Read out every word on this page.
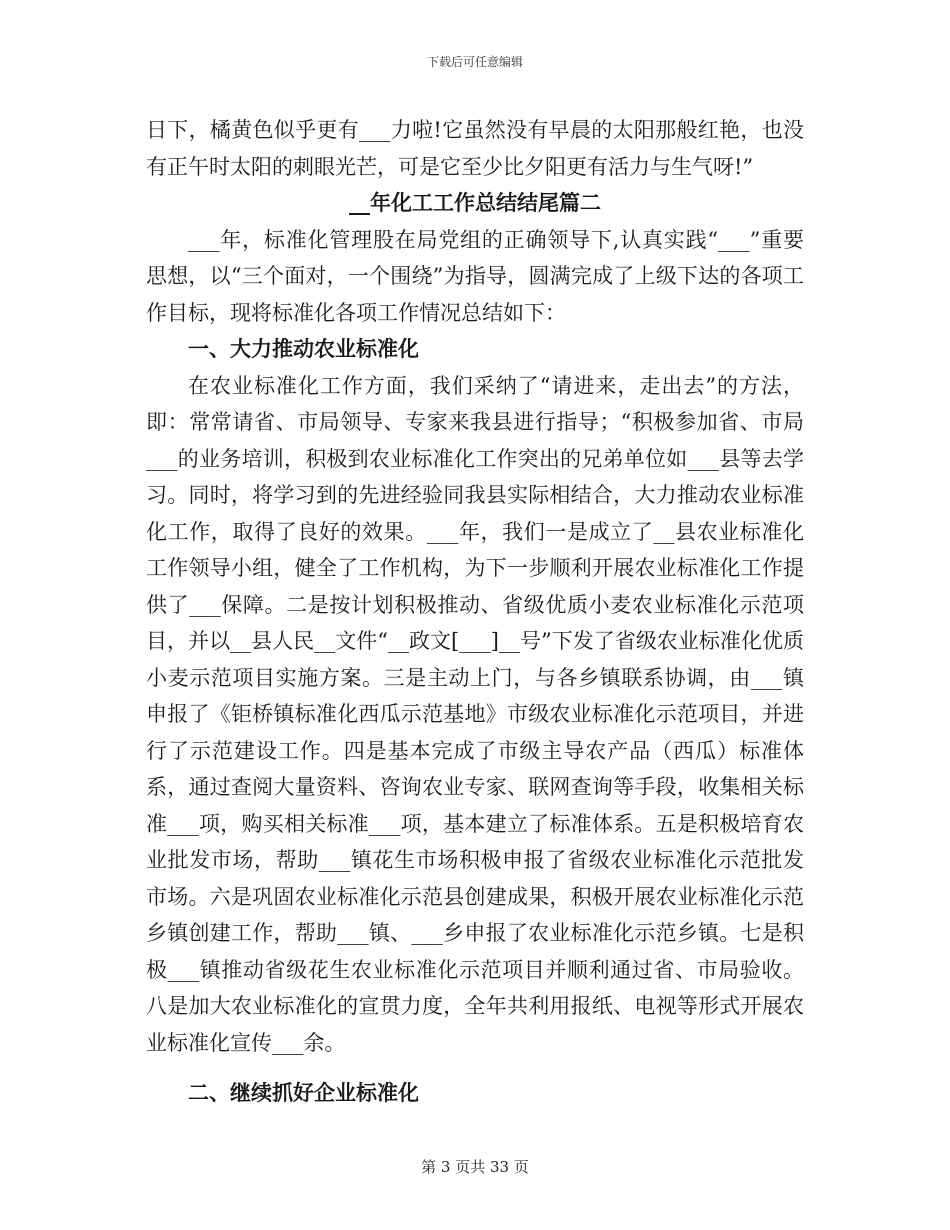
下载后可任意编辑

日下，橘黄色似乎更有___力啦!它虽然没有早晨的太阳那般红艳，也没有正午时太阳的刺眼光芒，可是它至少比夕阳更有活力与生气呀!”

__年化工工作总结结尾篇二

___年，标准化管理股在局党组的正确领导下,认真实践“___”重要思想，以“三个面对，一个围绕”为指导，圆满完成了上级下达的各项工作目标，现将标准化各项工作情况总结如下：

一、大力推动农业标准化

在农业标准化工作方面，我们采纳了“请进来，走出去”的方法，即：常常请省、市局领导、专家来我县进行指导；“积极参加省、市局___的业务培训，积极到农业标准化工作突出的兄弟单位如___县等去学习。同时，将学习到的先进经验同我县实际相结合，大力推动农业标准化工作，取得了良好的效果。___年，我们一是成立了__县农业标准化工作领导小组，健全了工作机构，为下一步顺利开展农业标准化工作提供了___保障。二是按计划积极推动、省级优质小麦农业标准化示范项目，并以__县人民__文件“__政文[___]__号”下发了省级农业标准化优质小麦示范项目实施方案。三是主动上门，与各乡镇联系协调，由___镇申报了《钜桥镇标准化西瓜示范基地》市级农业标准化示范项目，并进行了示范建设工作。四是基本完成了市级主导农产品（西瓜）标准体系，通过查阅大量资料、咨询农业专家、联网查询等手段，收集相关标准___项，购买相关标准___项，基本建立了标准体系。五是积极培育农业批发市场，帮助___镇花生市场积极申报了省级农业标准化示范批发市场。六是巩固农业标准化示范县创建成果，积极开展农业标准化示范乡镇创建工作，帮助___镇、___乡申报了农业标准化示范乡镇。七是积极___镇推动省级花生农业标准化示范项目并顺利通过省、市局验收。八是加大农业标准化的宣贯力度，全年共利用报纸、电视等形式开展农业标准化宣传___余。

二、继续抓好企业标准化

第 3 页共 33 页
